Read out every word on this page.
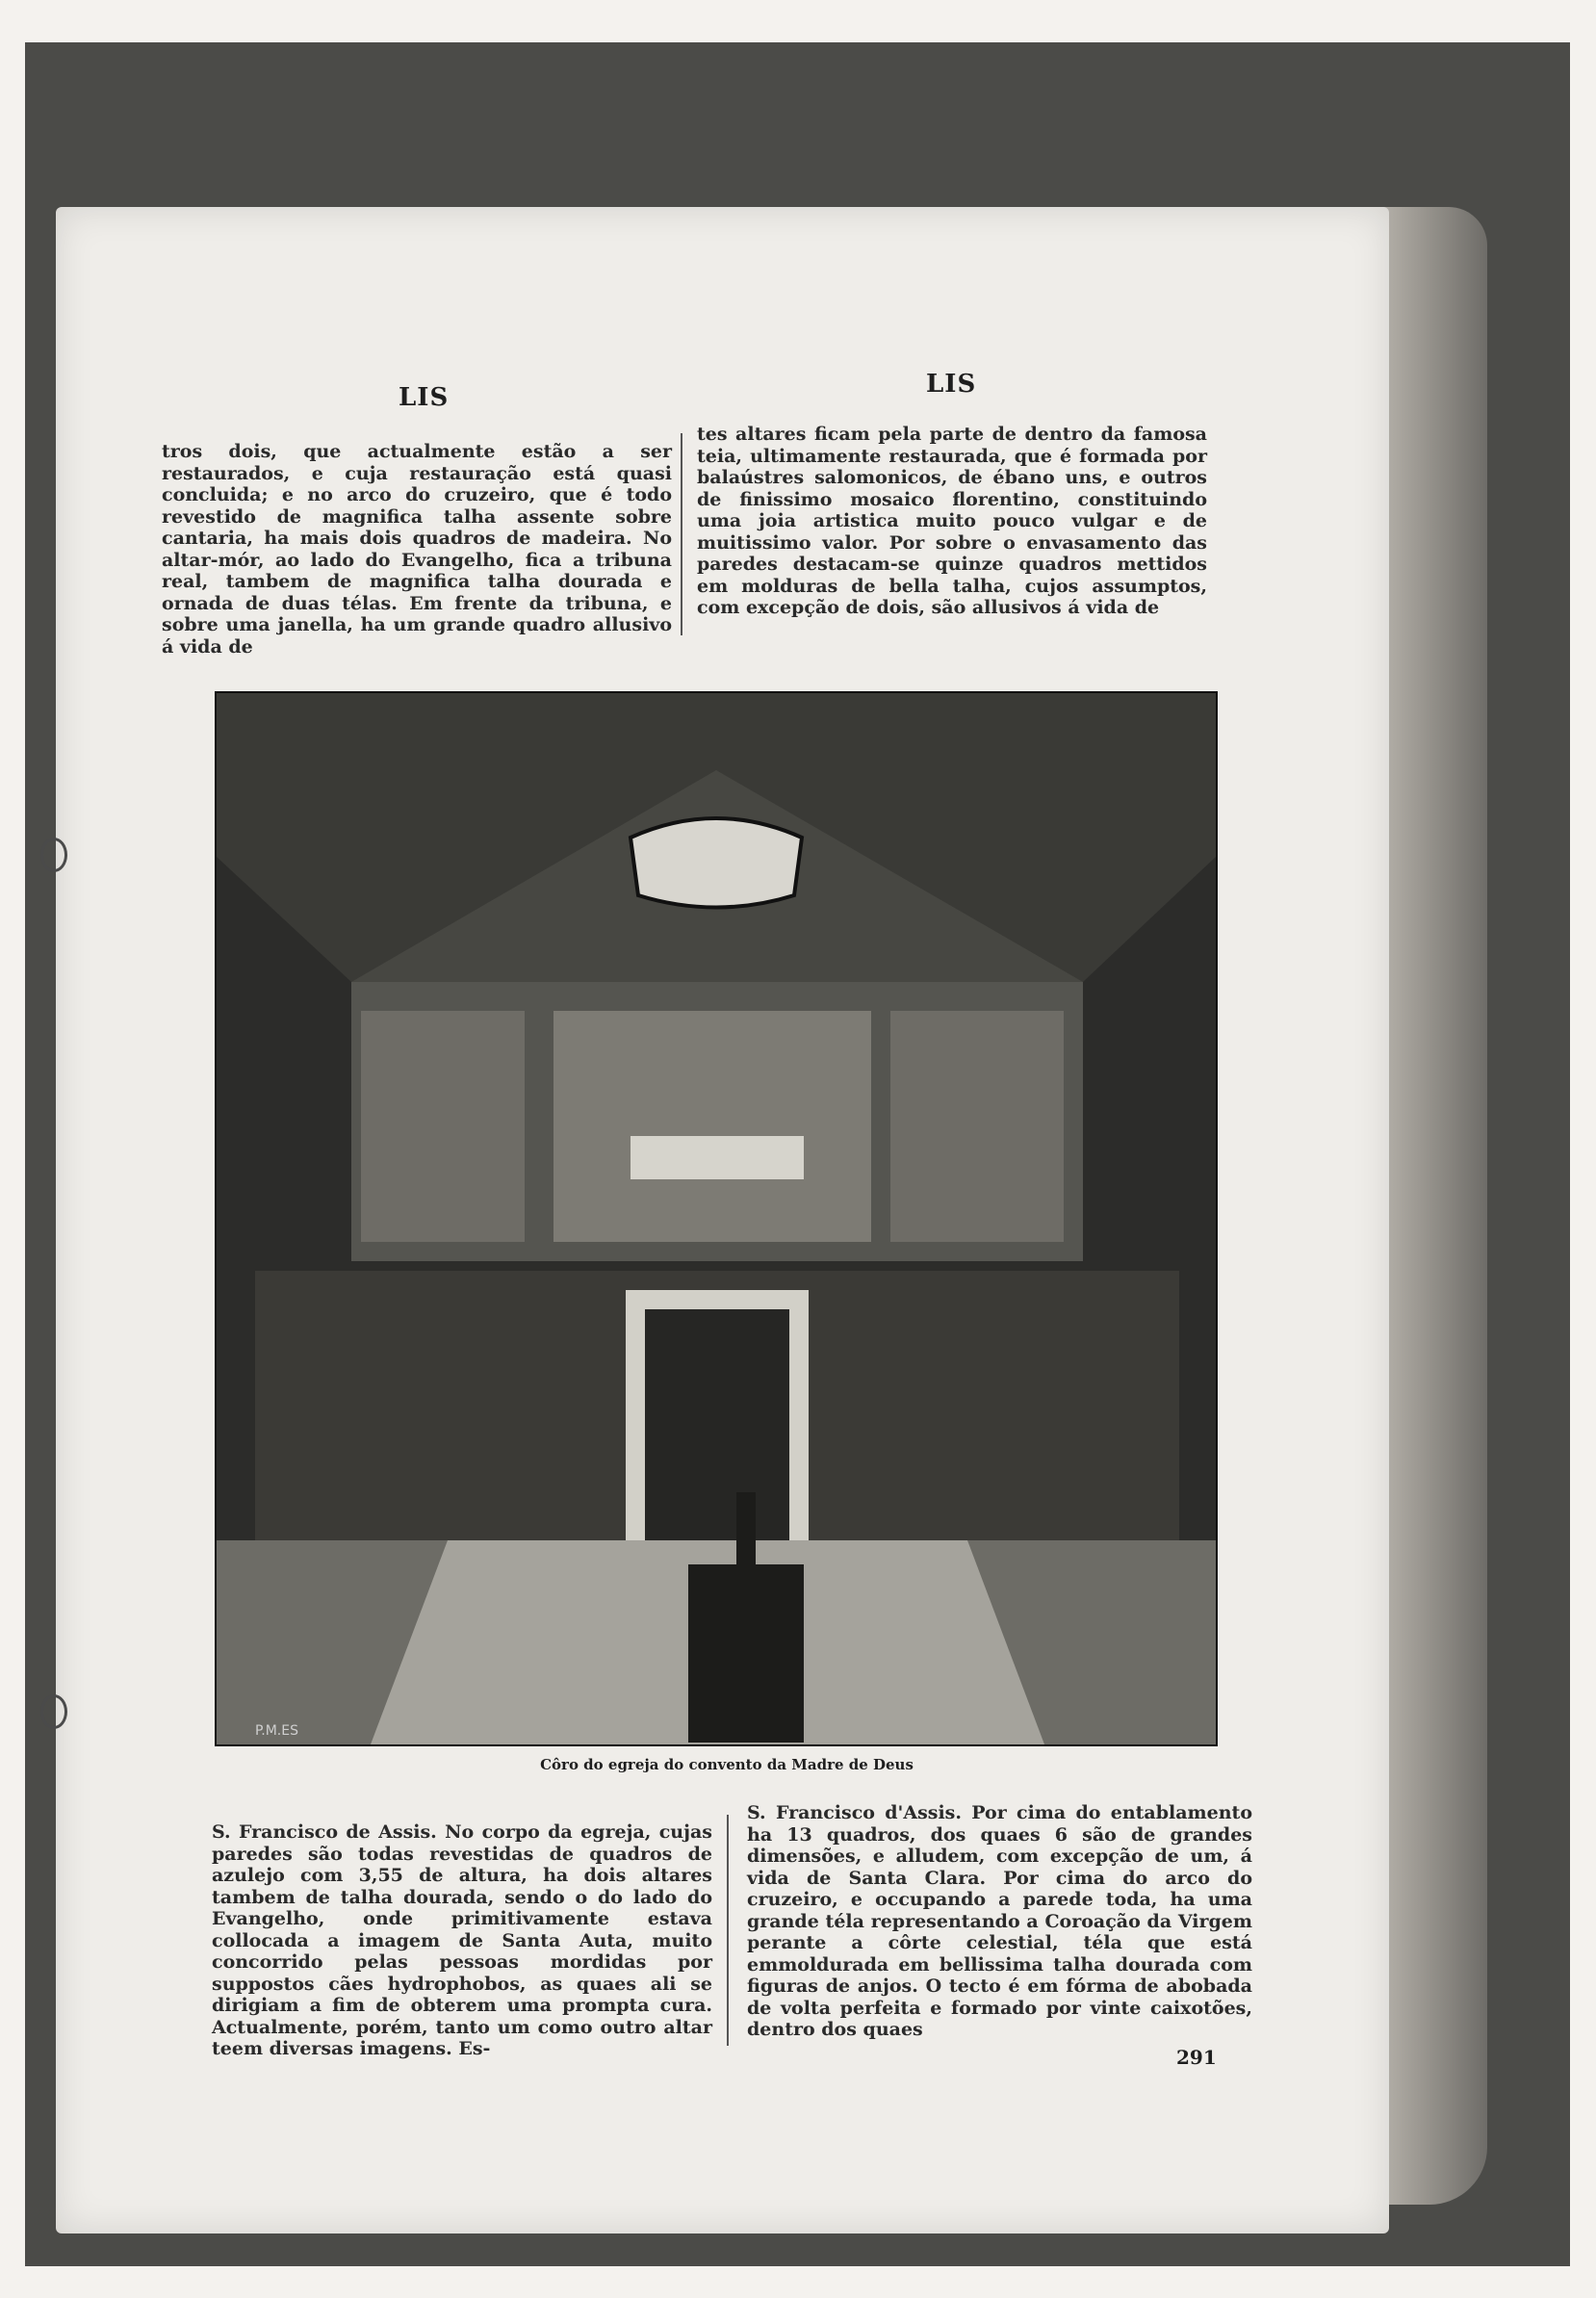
LIS	LIS

tros dois, que actualmente estão a ser restaurados, e cuja restauração está quasi concluida; e no arco do cruzeiro, que é todo revestido de magnifica talha assente sobre cantaria, ha mais dois quadros de madeira. No altar-mór, ao lado do Evangelho, fica a tribuna real, tambem de magnifica talha dourada e ornada de duas télas. Em frente da tribuna, e sobre uma janella, ha um grande quadro allusivo á vida de

tes altares ficam pela parte de dentro da famosa teia, ultimamente restaurada, que é formada por balaústres salomonicos, de ébano uns, e outros de finissimo mosaico florentino, constituindo uma joia artistica muito pouco vulgar e de muitissimo valor. Por sobre o envasamento das paredes destacam-se quinze quadros mettidos em molduras de bella talha, cujos assumptos, com excepção de dois, são allusivos á vida de

P.M.ES
Côro do egreja do convento da Madre de Deus

S. Francisco de Assis. No corpo da egreja, cujas paredes são todas revestidas de quadros de azulejo com 3,55 de altura, ha dois altares tambem de talha dourada, sendo o do lado do Evangelho, onde primitivamente estava collocada a imagem de Santa Auta, muito concorrido pelas pessoas mordidas por suppostos cães hydrophobos, as quaes ali se dirigiam a fim de obterem uma prompta cura. Actualmente, porém, tanto um como outro altar teem diversas imagens. Es-

S. Francisco d'Assis. Por cima do entablamento ha 13 quadros, dos quaes 6 são de grandes dimensões, e alludem, com excepção de um, á vida de Santa Clara. Por cima do arco do cruzeiro, e occupando a parede toda, ha uma grande téla representando a Coroação da Virgem perante a côrte celestial, téla que está emmoldurada em bellissima talha dourada com figuras de anjos. O tecto é em fórma de abobada de volta perfeita e formado por vinte caixotões, dentro dos quaes

291
